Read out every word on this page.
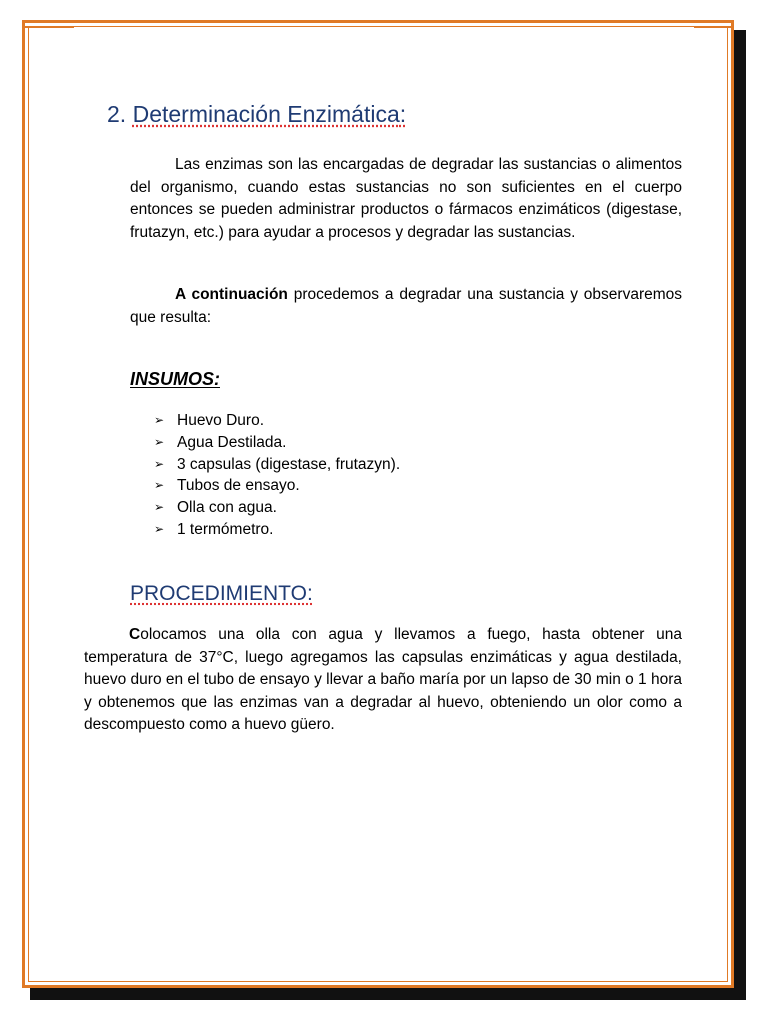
2. Determinación Enzimática:

Las enzimas son las encargadas de degradar las sustancias o alimentos del organismo, cuando estas sustancias no son suficientes en el cuerpo entonces se pueden administrar productos o fármacos enzimáticos (digestase, frutazyn, etc.) para ayudar a procesos y degradar las sustancias.

A continuación procedemos a degradar una sustancia y observaremos que resulta:

INSUMOS:
➢ Huevo Duro.
➢ Agua Destilada.
➢ 3 capsulas (digestase, frutazyn).
➢ Tubos de ensayo.
➢ Olla con agua.
➢ 1 termómetro.
PROCEDIMIENTO:

Colocamos una olla con agua y llevamos a fuego, hasta obtener una temperatura de 37°C, luego agregamos las capsulas enzimáticas y agua destilada, huevo duro en el tubo de ensayo y llevar a baño maría por un lapso de 30 min o 1 hora y obtenemos que las enzimas van a degradar al huevo, obteniendo un olor como a descompuesto como a huevo güero.
